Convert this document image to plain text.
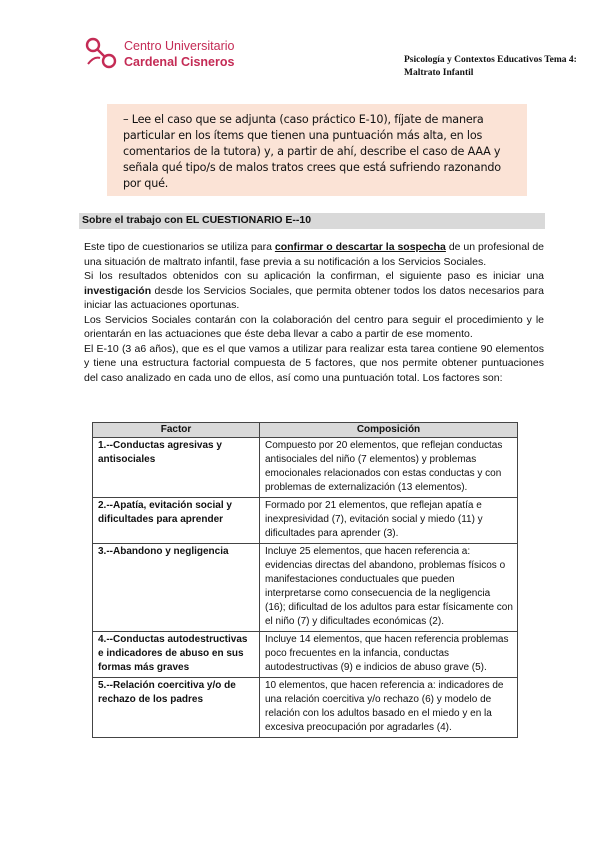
Centro Universitario
Cardenal Cisneros	Psicología y Contextos Educativos Tema 4: Maltrato Infantil

– Lee el caso que se adjunta (caso práctico E-10), fíjate de manera particular en los ítems que tienen una puntuación más alta, en los comentarios de la tutora) y, a partir de ahí, describe el caso de AAA y señala qué tipo/s de malos tratos crees que está sufriendo razonando por qué.

Sobre el trabajo con EL CUESTIONARIO E--10

Este tipo de cuestionarios se utiliza para confirmar o descartar la sospecha de un profesional de una situación de maltrato infantil, fase previa a su notificación a los Servicios Sociales.

Si los resultados obtenidos con su aplicación la confirman, el siguiente paso es iniciar una investigación desde los Servicios Sociales, que permita obtener todos los datos necesarios para iniciar las actuaciones oportunas.

Los Servicios Sociales contarán con la colaboración del centro para seguir el procedimiento y le orientarán en las actuaciones que éste deba llevar a cabo a partir de ese momento.

El E-10 (3 a6 años), que es el que vamos a utilizar para realizar esta tarea contiene 90 elementos y tiene una estructura factorial compuesta de 5 factores, que nos permite obtener puntuaciones del caso analizado en cada uno de ellos, así como una puntuación total. Los factores son:

Factor	Composición
1.--Conductas agresivas y antisociales	Compuesto por 20 elementos, que reflejan conductas antisociales del niño (7 elementos) y problemas emocionales relacionados con estas conductas y con problemas de externalización (13 elementos).
2.--Apatía, evitación social y dificultades para aprender	Formado por 21 elementos, que reflejan apatía e inexpresividad (7), evitación social y miedo (11) y dificultades para aprender (3).
3.--Abandono y negligencia	Incluye 25 elementos, que hacen referencia a: evidencias directas del abandono, problemas físicos o manifestaciones conductuales que pueden interpretarse como consecuencia de la negligencia (16); dificultad de los adultos para estar físicamente con el niño (7) y dificultades económicas (2).
4.--Conductas autodestructivas e indicadores de abuso en sus formas más graves	Incluye 14 elementos, que hacen referencia problemas poco frecuentes en la infancia, conductas autodestructivas (9) e indicios de abuso grave (5).
5.--Relación coercitiva y/o de rechazo de los padres	10 elementos, que hacen referencia a: indicadores de una relación coercitiva y/o rechazo (6) y modelo de relación con los adultos basado en el miedo y en la excesiva preocupación por agradarles (4).
